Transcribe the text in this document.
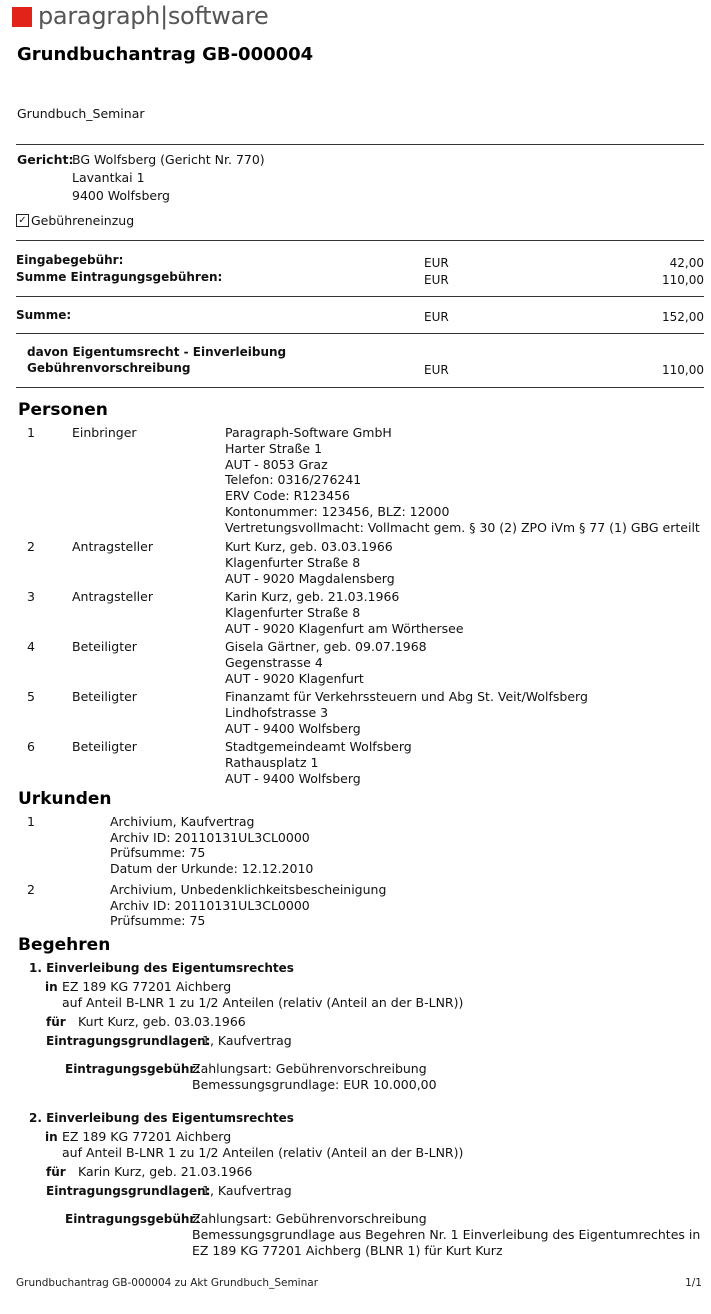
paragraph|software
Grundbuchantrag GB-000004
Grundbuch_Seminar
Gericht:
BG Wolfsberg (Gericht Nr. 770)
Lavantkai 1
9400 Wolfsberg
✓ Gebühreneinzug
Eingabegebühr:	EUR	42,00
Summe Eintragungsgebühren:	EUR	110,00
Summe:	EUR	152,00
davon Eigentumsrecht - Einverleibung
Gebührenvorschreibung	EUR	110,00
Personen
Urkunden
Begehren
Grundbuchantrag GB-000004 zu Akt Grundbuch_Seminar	1/1
1	Einbringer	Paragraph-Software GmbH
Harter Straße 1
AUT - 8053 Graz
Telefon: 0316/276241
ERV Code: R123456
Kontonummer: 123456, BLZ: 12000
Vertretungsvollmacht: Vollmacht gem. § 30 (2) ZPO iVm § 77 (1) GBG erteilt
2	Antragsteller	Kurt Kurz, geb. 03.03.1966
Klagenfurter Straße 8
AUT - 9020 Magdalensberg
3	Antragsteller	Karin Kurz, geb. 21.03.1966
Klagenfurter Straße 8
AUT - 9020 Klagenfurt am Wörthersee
4	Beteiligter	Gisela Gärtner, geb. 09.07.1968
Gegenstrasse 4
AUT - 9020 Klagenfurt
5	Beteiligter	Finanzamt für Verkehrssteuern und Abg St. Veit/Wolfsberg
Lindhofstrasse 3
AUT - 9400 Wolfsberg
6	Beteiligter	Stadtgemeindeamt Wolfsberg
Rathausplatz 1
AUT - 9400 Wolfsberg
1	Archivium, Kaufvertrag
Archiv ID: 20110131UL3CL0000
Prüfsumme: 75
Datum der Urkunde: 12.12.2010
2	Archivium, Unbedenklichkeitsbescheinigung
Archiv ID: 20110131UL3CL0000
Prüfsumme: 75
1. Einverleibung des Eigentumsrechtes
in EZ 189 KG 77201 Aichberg
auf Anteil B-LNR 1 zu 1/2 Anteilen (relativ (Anteil an der B-LNR))
für Kurt Kurz, geb. 03.03.1966
Eintragungsgrundlagen:
1, Kaufvertrag
Eintragungsgebühr:
Zahlungsart: Gebührenvorschreibung
Bemessungsgrundlage: EUR 10.000,00
2. Einverleibung des Eigentumsrechtes
in EZ 189 KG 77201 Aichberg
auf Anteil B-LNR 1 zu 1/2 Anteilen (relativ (Anteil an der B-LNR))
für Karin Kurz, geb. 21.03.1966
Eintragungsgrundlagen:
1, Kaufvertrag
Eintragungsgebühr:
Zahlungsart: Gebührenvorschreibung
Bemessungsgrundlage aus Begehren Nr. 1 Einverleibung des Eigentumrechtes in
EZ 189 KG 77201 Aichberg (BLNR 1) für Kurt Kurz
